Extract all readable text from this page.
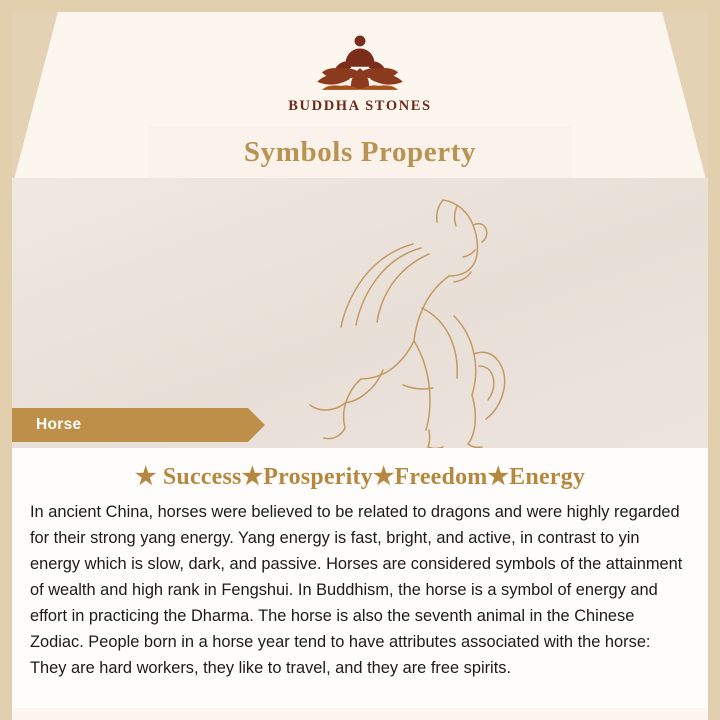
BUDDHA STONES
Symbols Property
Horse
★ Success★Prosperity★Freedom★Energy
In ancient China, horses were believed to be related to dragons and were highly regarded for their strong yang energy. Yang energy is fast, bright, and active, in contrast to yin energy which is slow, dark, and passive. Horses are considered symbols of the attainment of wealth and high rank in Fengshui. In Buddhism, the horse is a symbol of energy and effort in practicing the Dharma. The horse is also the seventh animal in the Chinese Zodiac. People born in a horse year tend to have attributes associated with the horse: They are hard workers, they like to travel, and they are free spirits.
